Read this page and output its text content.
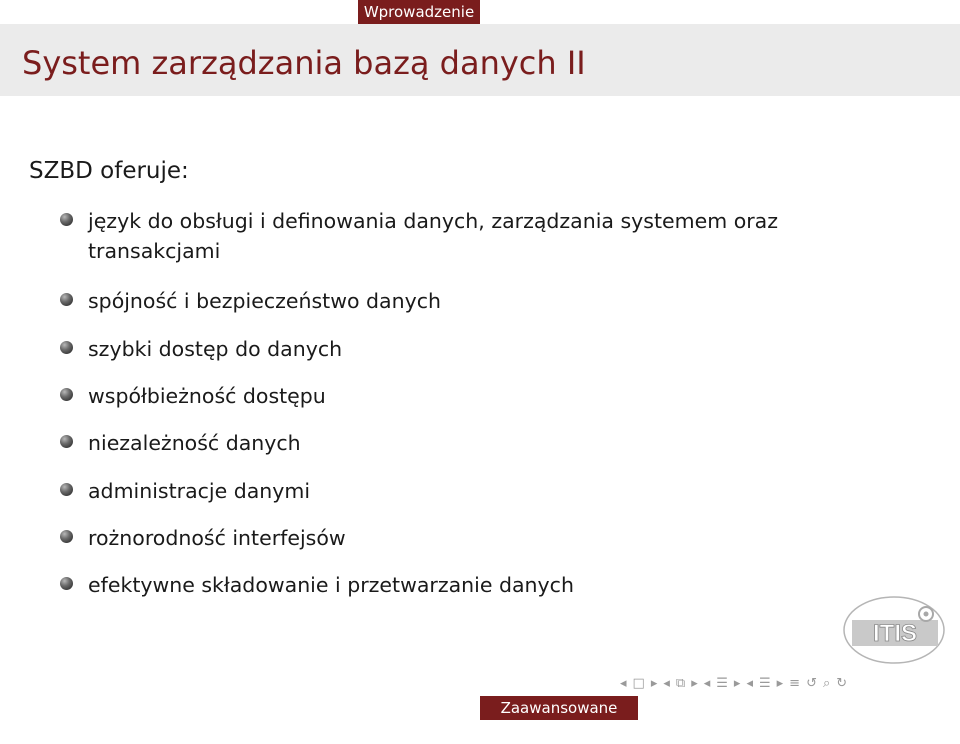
Wprowadzenie
System zarządzania bazą danych II
SZBD oferuje:
język do obsługi i definowania danych, zarządzania systemem oraz
transakcjami
spójność i bezpieczeństwo danych
szybki dostęp do danych
współbieżność dostępu
niezależność danych
administracje danymi
rożnorodność interfejsów
efektywne składowanie i przetwarzanie danych
ITIS
◂ □ ▸ ◂ ⧉ ▸ ◂ ☰ ▸ ◂ ☰ ▸ ≡ ↺ ⌕ ↻
Zaawansowane SZBD
